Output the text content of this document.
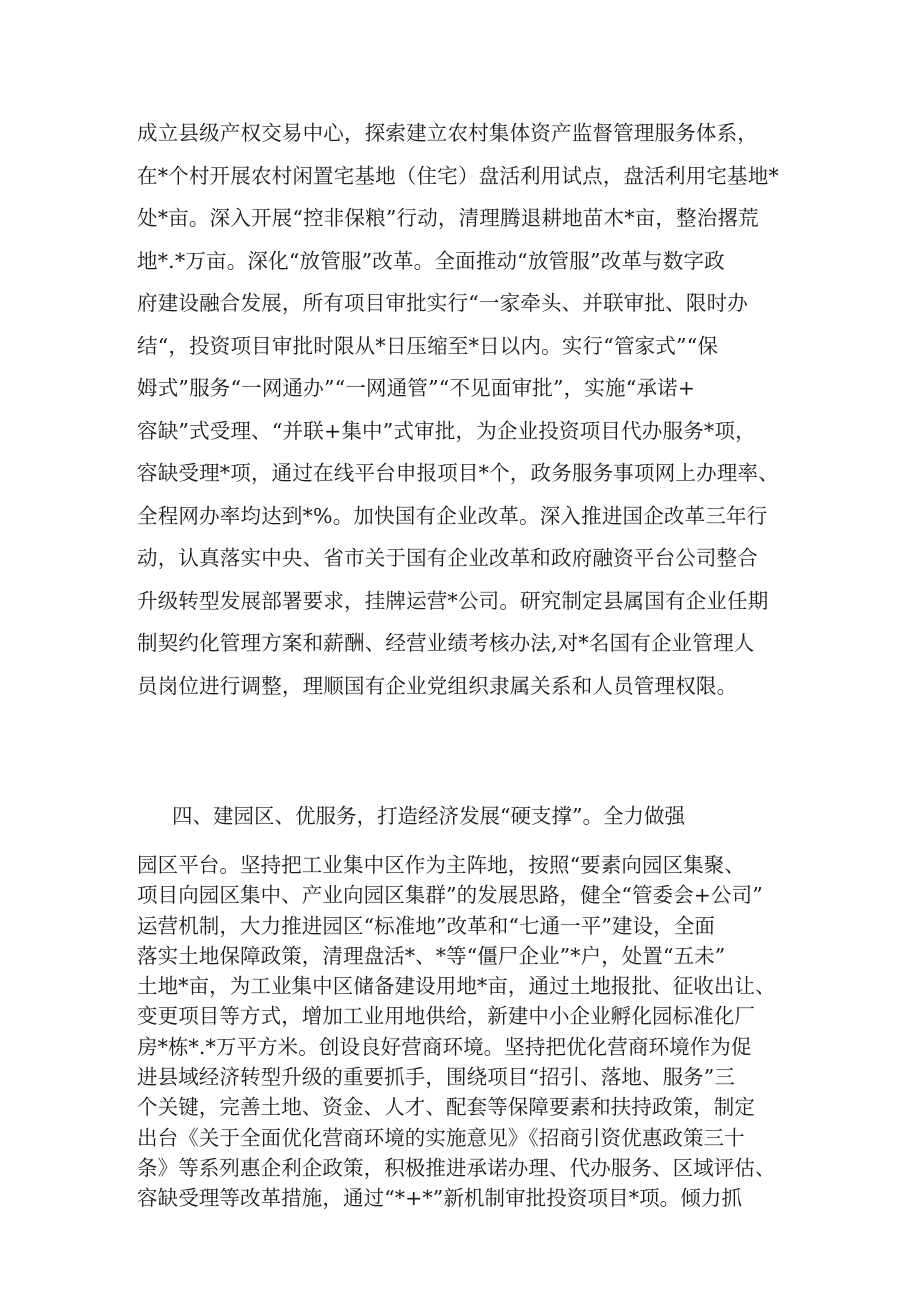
成立县级产权交易中心，探索建立农村集体资产监督管理服务体系，
在*个村开展农村闲置宅基地（住宅）盘活利用试点，盘活利用宅基地*
处*亩。深入开展“控非保粮”行动，清理腾退耕地苗木*亩，整治撂荒
地*.*万亩。深化“放管服”改革。全面推动“放管服”改革与数字政
府建设融合发展，所有项目审批实行“一家牵头、并联审批、限时办
结“，投资项目审批时限从*日压缩至*日以内。实行“管家式”“保
姆式”服务“一网通办”“一网通管”“不见面审批”，实施“承诺+
容缺”式受理、“并联+集中”式审批，为企业投资项目代办服务*项，
容缺受理*项，通过在线平台申报项目*个，政务服务事项网上办理率、
全程网办率均达到*%。加快国有企业改革。深入推进国企改革三年行
动，认真落实中央、省市关于国有企业改革和政府融资平台公司整合
升级转型发展部署要求，挂牌运营*公司。研究制定县属国有企业任期
制契约化管理方案和薪酬、经营业绩考核办法,对*名国有企业管理人
员岗位进行调整，理顺国有企业党组织隶属关系和人员管理权限。
四、建园区、优服务，打造经济发展“硬支撑”。全力做强
园区平台。坚持把工业集中区作为主阵地，按照“要素向园区集聚、
项目向园区集中、产业向园区集群”的发展思路，健全“管委会+公司”
运营机制，大力推进园区“标准地”改革和“七通一平”建设，全面
落实土地保障政策，清理盘活*、*等“僵尸企业”*户，处置“五未”
土地*亩，为工业集中区储备建设用地*亩，通过土地报批、征收出让、
变更项目等方式，增加工业用地供给，新建中小企业孵化园标准化厂
房*栋*.*万平方米。创设良好营商环境。坚持把优化营商环境作为促
进县域经济转型升级的重要抓手，围绕项目“招引、落地、服务”三
个关键，完善土地、资金、人才、配套等保障要素和扶持政策，制定
出台《关于全面优化营商环境的实施意见》《招商引资优惠政策三十
条》等系列惠企利企政策，积极推进承诺办理、代办服务、区域评估、
容缺受理等改革措施，通过“*+*”新机制审批投资项目*项。倾力抓
